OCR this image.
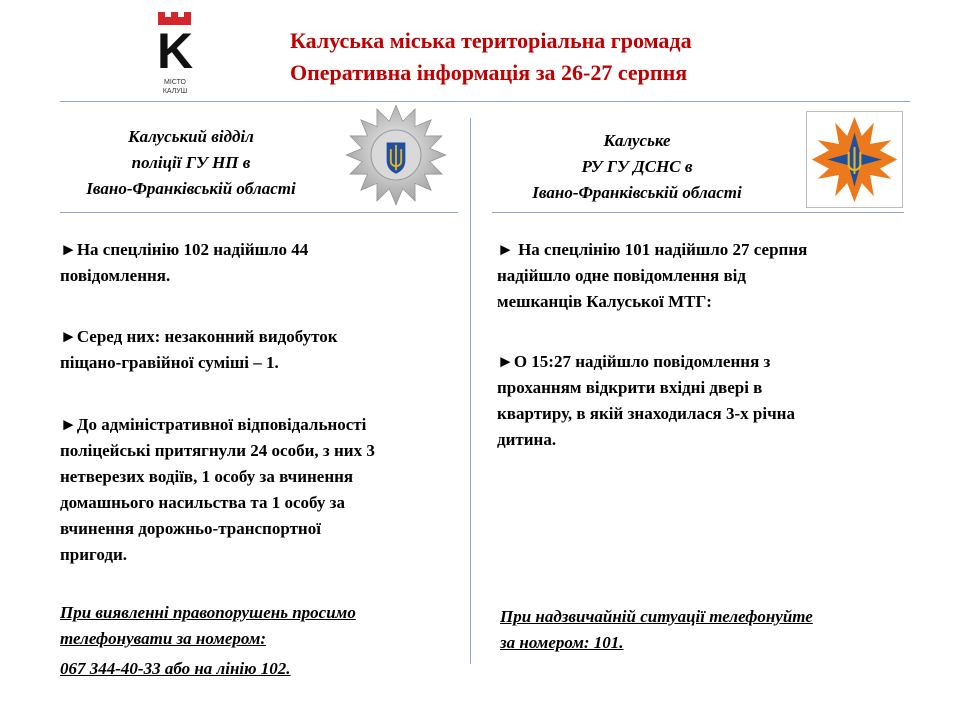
K
МІСТО
КАЛУШ
Калуська міська територіальна громада
Оперативна інформація за 26-27 серпня
Калуський відділ
поліції ГУ НП в
Івано-Франківській області
Калуське
РУ ГУ ДСНС в
Івано-Франківській області
►На спецлінію 102 надійшло 44
повідомлення.
►Серед них: незаконний видобуток
піщано-гравійної суміші – 1.
►До адміністративної відповідальності
поліцейські притягнули 24 особи, з них 3
нетверезих водіїв, 1 особу за вчинення
домашнього насильства та 1 особу за
вчинення дорожньо-транспортної
пригоди.
При виявленні правопорушень просимо
телефонувати за номером:
067 344-40-33 або на лінію 102.
► На спецлінію 101 надійшло 27 серпня
надійшло одне повідомлення від
мешканців Калуської МТГ:
►О 15:27 надійшло повідомлення з
проханням відкрити вхідні двері в
квартиру, в якій знаходилася 3-х річна
дитина.
При надзвичайній ситуації телефонуйте
за номером: 101.
